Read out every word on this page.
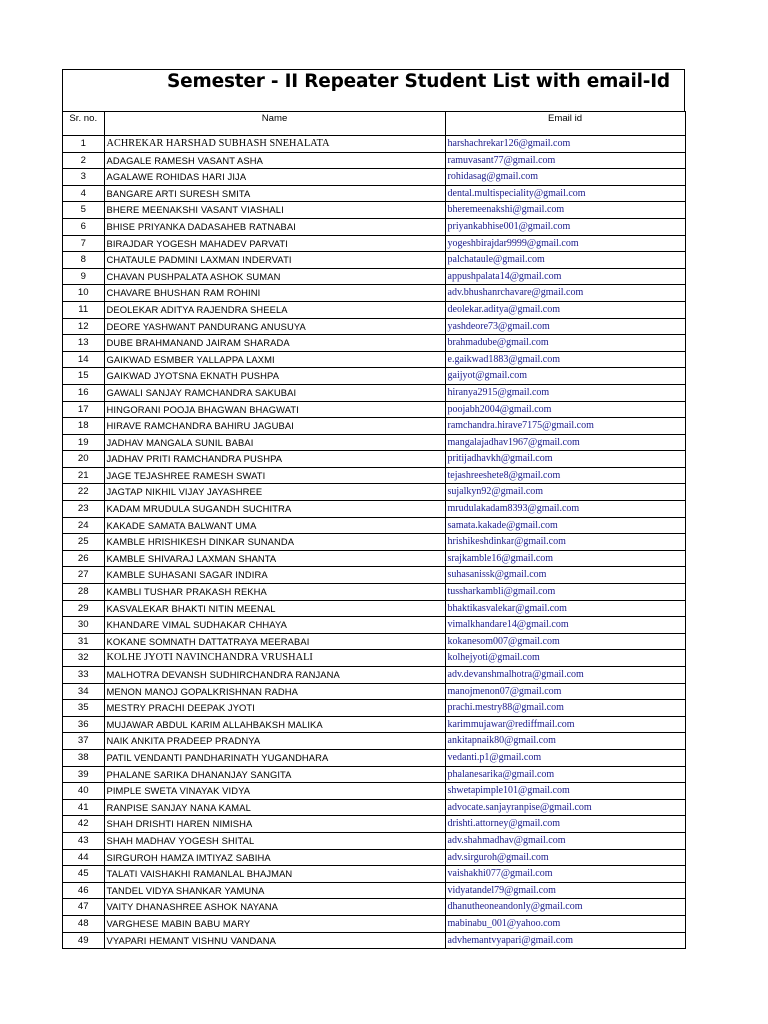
Semester - II Repeater Student List with email-Id
Sr. no.	Name	Email id
1	ACHREKAR HARSHAD SUBHASH SNEHALATA	harshachrekar126@gmail.com
2	ADAGALE RAMESH VASANT ASHA	ramuvasant77@gmail.com
3	AGALAWE ROHIDAS HARI JIJA	rohidasag@gmail.com
4	BANGARE ARTI SURESH SMITA	dental.multispeciality@gmail.com
5	BHERE MEENAKSHI VASANT VIASHALI	bheremeenakshi@gmail.com
6	BHISE PRIYANKA DADASAHEB RATNABAI	priyankabhise001@gmail.com
7	BIRAJDAR YOGESH MAHADEV PARVATI	yogeshbirajdar9999@gmail.com
8	CHATAULE PADMINI LAXMAN INDERVATI	palchataule@gmail.com
9	CHAVAN PUSHPALATA ASHOK SUMAN	appushpalata14@gmail.com
10	CHAVARE BHUSHAN RAM ROHINI	adv.bhushanrchavare@gmail.com
11	DEOLEKAR ADITYA RAJENDRA SHEELA	deolekar.aditya@gmail.com
12	DEORE YASHWANT PANDURANG ANUSUYA	yashdeore73@gmail.com
13	DUBE BRAHMANAND JAIRAM SHARADA	brahmadube@gmail.com
14	GAIKWAD ESMBER YALLAPPA LAXMI	e.gaikwad1883@gmail.com
15	GAIKWAD JYOTSNA EKNATH PUSHPA	gaijyot@gmail.com
16	GAWALI SANJAY RAMCHANDRA SAKUBAI	hiranya2915@gmail.com
17	HINGORANI POOJA BHAGWAN BHAGWATI	poojabh2004@gmail.com
18	HIRAVE RAMCHANDRA BAHIRU JAGUBAI	ramchandra.hirave7175@gmail.com
19	JADHAV MANGALA SUNIL BABAI	mangalajadhav1967@gmail.com
20	JADHAV PRITI RAMCHANDRA PUSHPA	pritijadhavkh@gmail.com
21	JAGE TEJASHREE RAMESH SWATI	tejashreeshete8@gmail.com
22	JAGTAP NIKHIL VIJAY JAYASHREE	sujalkyn92@gmail.com
23	KADAM MRUDULA SUGANDH SUCHITRA	mrudulakadam8393@gmail.com
24	KAKADE SAMATA BALWANT UMA	samata.kakade@gmail.com
25	KAMBLE HRISHIKESH DINKAR SUNANDA	hrishikeshdinkar@gmail.com
26	KAMBLE SHIVARAJ LAXMAN SHANTA	srajkamble16@gmail.com
27	KAMBLE SUHASANI SAGAR INDIRA	suhasanissk@gmail.com
28	KAMBLI TUSHAR PRAKASH REKHA	tussharkambli@gmail.com
29	KASVALEKAR BHAKTI NITIN MEENAL	bhaktikasvalekar@gmail.com
30	KHANDARE VIMAL SUDHAKAR CHHAYA	vimalkhandare14@gmail.com
31	KOKANE SOMNATH DATTATRAYA MEERABAI	kokanesom007@gmail.com
32	KOLHE JYOTI NAVINCHANDRA VRUSHALI	kolhejyoti@gmail.com
33	MALHOTRA DEVANSH SUDHIRCHANDRA RANJANA	adv.devanshmalhotra@gmail.com
34	MENON MANOJ GOPALKRISHNAN RADHA	manojmenon07@gmail.com
35	MESTRY PRACHI DEEPAK JYOTI	prachi.mestry88@gmail.com
36	MUJAWAR ABDUL KARIM ALLAHBAKSH MALIKA	karimmujawar@rediffmail.com
37	NAIK ANKITA PRADEEP PRADNYA	ankitapnaik80@gmail.com
38	PATIL VENDANTI PANDHARINATH YUGANDHARA	vedanti.p1@gmail.com
39	PHALANE SARIKA DHANANJAY SANGITA	phalanesarika@gmail.com
40	PIMPLE SWETA VINAYAK VIDYA	shwetapimple101@gmail.com
41	RANPISE SANJAY NANA KAMAL	advocate.sanjayranpise@gmail.com
42	SHAH DRISHTI HAREN NIMISHA	drishti.attorney@gmail.com
43	SHAH MADHAV YOGESH SHITAL	adv.shahmadhav@gmail.com
44	SIRGUROH HAMZA IMTIYAZ SABIHA	adv.sirguroh@gmail.com
45	TALATI VAISHAKHI RAMANLAL BHAJMAN	vaishakhi077@gmail.com
46	TANDEL VIDYA SHANKAR YAMUNA	vidyatandel79@gmail.com
47	VAITY DHANASHREE ASHOK NAYANA	dhanutheoneandonly@gmail.com
48	VARGHESE MABIN BABU MARY	mabinabu_001@yahoo.com
49	VYAPARI HEMANT VISHNU VANDANA	advhemantvyapari@gmail.com
